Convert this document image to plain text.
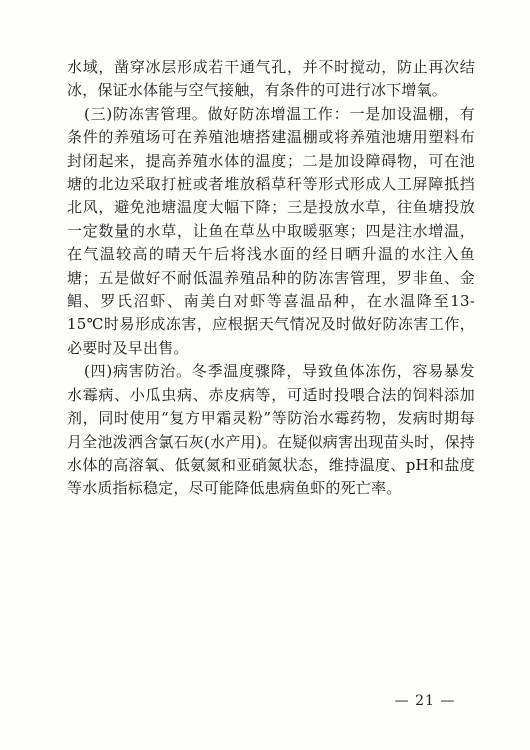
水域，凿穿冰层形成若干通气孔，并不时搅动，防止再次结冰，保证水体能与空气接触，有条件的可进行冰下增氧。

(三)防冻害管理。做好防冻增温工作：一是加设温棚，有条件的养殖场可在养殖池塘搭建温棚或将养殖池塘用塑料布封闭起来，提高养殖水体的温度；二是加设障碍物，可在池塘的北边采取打桩或者堆放稻草秆等形式形成人工屏障抵挡北风，避免池塘温度大幅下降；三是投放水草，往鱼塘投放一定数量的水草，让鱼在草丛中取暖驱寒；四是注水增温，在气温较高的晴天午后将浅水面的经日晒升温的水注入鱼塘；五是做好不耐低温养殖品种的防冻害管理，罗非鱼、金鲳、罗氏沼虾、南美白对虾等喜温品种，在水温降至13-15℃时易形成冻害，应根据天气情况及时做好防冻害工作，必要时及早出售。

(四)病害防治。冬季温度骤降，导致鱼体冻伤，容易暴发水霉病、小瓜虫病、赤皮病等，可适时投喂合法的饲料添加剂，同时使用“复方甲霜灵粉”等防治水霉药物，发病时期每月全池泼洒含氯石灰(水产用)。在疑似病害出现苗头时，保持水体的高溶氧、低氨氮和亚硝氮状态，维持温度、pH和盐度等水质指标稳定，尽可能降低患病鱼虾的死亡率。

— 21 —
